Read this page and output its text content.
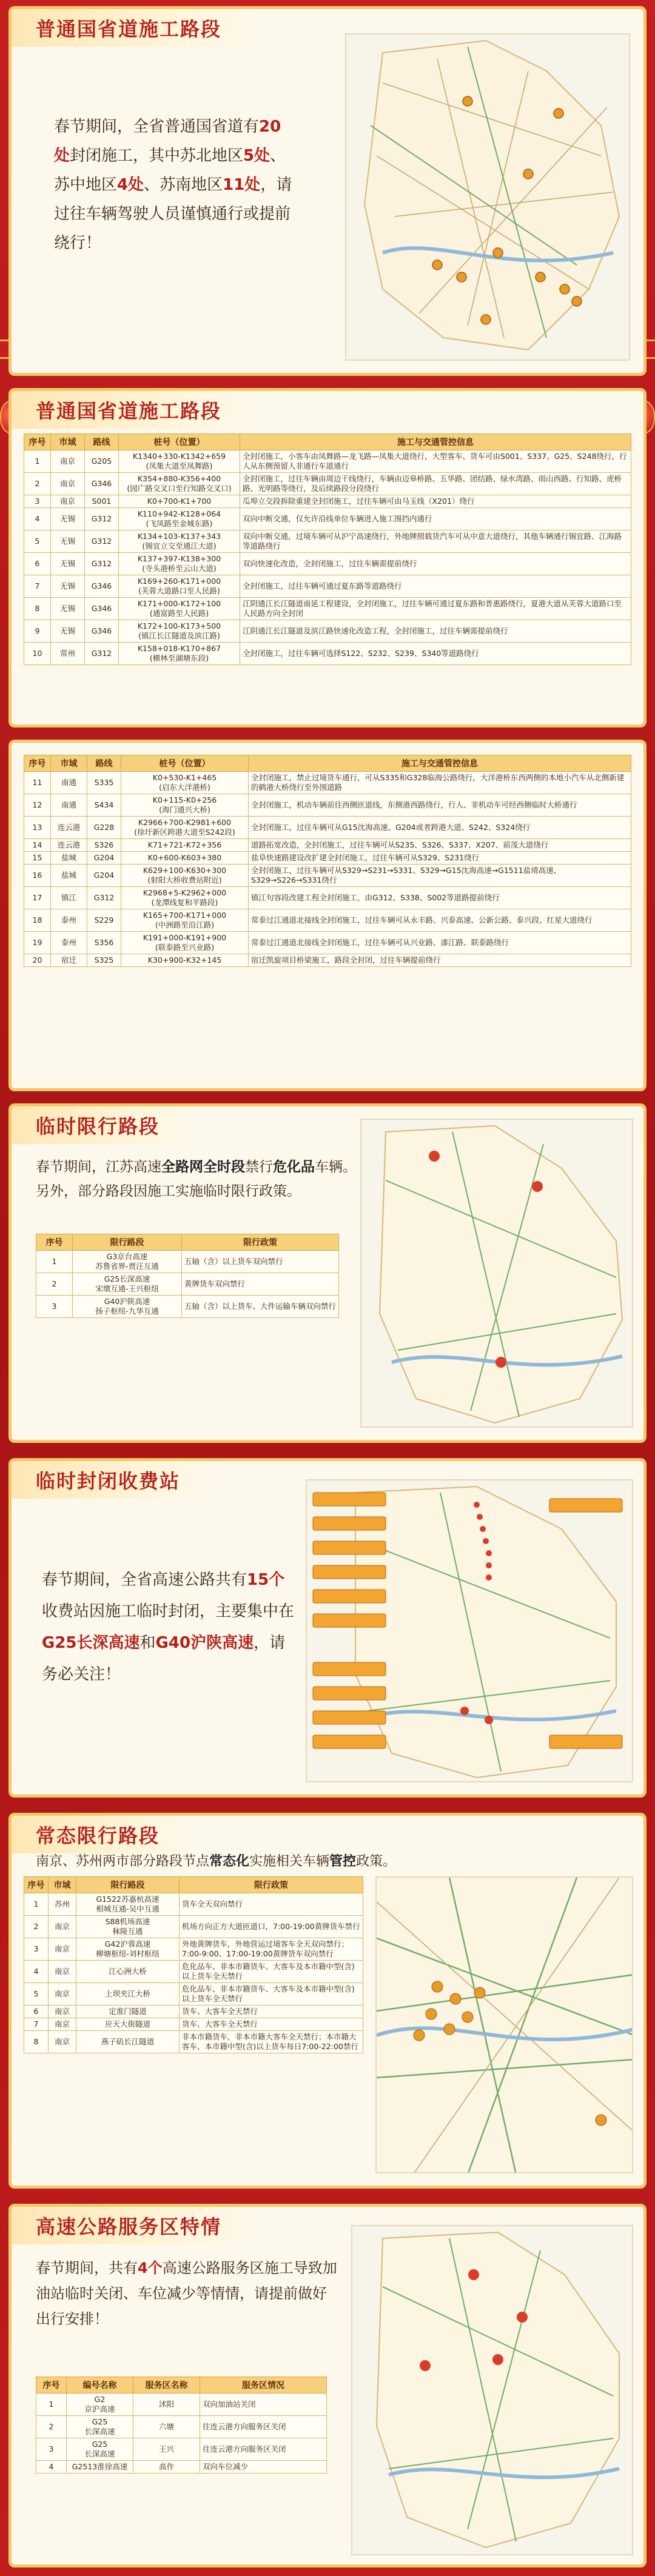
普通国省道施工路段
春节期间，全省普通国省道有20处封闭施工，其中苏北地区5处、苏中地区4处、苏南地区11处，请过往车辆驾驶人员谨慎通行或提前绕行！
普通国省道施工路段
序号	市域	路线	桩号（位置）	施工与交通管控信息
1	南京	G205	K1340+330-K1342+659
(凤集大道至凤舞路)	全封闭施工，小客车由凤舞路—龙飞路—凤集大道绕行，大型客车、货车可由S001、S337、G25、S248绕行，行人从东侧预留人非通行车道通行
2	南京	G346	K354+880-K356+400
(园广路交叉口至行知路交叉口)	全封闭施工，过往车辆由周边干线绕行，车辆由迈皋桥路、五华路、团结路、绿水湾路、雨山西路、行知路、虎桥路、光明路等绕行，及后续路段分段绕行
3	南京	S001	K0+700-K1+700	瓜埠立交段拆除重建全封闭施工，过往车辆可由马玉线（X201）绕行
4	无锡	G312	K110+942-K128+064
(飞凤路至金城东路)	双向中断交通，仅允许沿线单位车辆进入施工围挡内通行
5	无锡	G312	K134+103-K137+343
(锡宜立交至通江大道)	双向中断交通，过境车辆可从沪宁高速绕行，外地牌照载货汽车可从中意大道绕行，其他车辆通行锡宜路、江海路等道路绕行
6	无锡	G312	K137+397-K138+300
(寺头港桥至云山大道)	双向快速化改造，全封闭施工，过往车辆需提前绕行
7	无锡	G346	K169+260-K171+000
(芙蓉大道路口至人民路)	全封闭施工，过往车辆可通过夏东路等道路绕行
8	无锡	G346	K171+000-K172+100
(通富路至人民路)	江阴通江长江隧道南延工程建设，全封闭施工，过往车辆可通过夏东路和普惠路绕行，夏港大道从芙蓉大道路口至人民路方向全封闭
9	无锡	G346	K172+100-K173+500
(镇江长江隧道及滨江路)	江阴通江长江隧道及滨江路快速化改造工程，全封闭施工，过往车辆需提前绕行
10	常州	G312	K158+018-K170+867
(横林至湖塘东段)	全封闭施工，过往车辆可选择S122、S232、S239、S340等道路绕行
序号	市域	路线	桩号（位置）	施工与交通管控信息
11	南通	S335	K0+530-K1+465
(启东大洋港桥)	全封闭施工，禁止过境货车通行，可从S335和G328临海公路绕行，大洋港桥东西两侧的本地小汽车从北侧新建的鹤港大桥绕行至外围道路
12	南通	S434	K0+115-K0+256
(海门通兴大桥)	全封闭施工，机动车辆前往西侧匝道线，东侧港西路绕行，行人、非机动车可经西侧临时大桥通行
13	连云港	G228	K2966+700-K2981+600
(徐圩新区跨港大道至S242段)	全封闭施工，过往车辆可从G15沈海高速、G204或者跨港大道、S242、S324绕行
14	连云港	S326	K71+721-K72+356	道路拓宽改造，全封闭施工，过往车辆可从S235、S326、S337、X207、前茂大道绕行
15	盐城	G204	K0+600-K603+380	盐阜快速路建设改扩建全封闭施工，过往车辆可从S329、S231绕行
16	盐城	G204	K629+100-K630+300
(射阳大桥收费站附近)	全封闭施工，过往车辆可从S329→S231→S331、S329→G15沈海高速→G1511盐靖高速、S329→S226→S331绕行
17	镇江	G312	K2968+5-K2962+000
(龙潭线复和平路段)	镇江句容段改建工程全封闭施工，由G312、S338、S002等道路提前绕行
18	泰州	S229	K165+700-K171+000
(中洲路至沿江路)	常泰过江通道北接线全封闭施工，过往车辆可从永丰路、兴泰高速、公新公路、泰兴段、红星大道绕行
19	泰州	S356	K191+000-K191+900
(联泰路至兴业路)	常泰过江通道北接线全封闭施工，过往车辆可从兴业路、漆江路、联泰路绕行
20	宿迁	S325	K30+900-K32+145	宿迁凯旋项目桥梁施工，路段全封闭，过往车辆提前绕行
临时限行路段
春节期间，江苏高速全路网全时段禁行危化品车辆。另外，部分路段因施工实施临时限行政策。
序号	限行路段	限行政策
1	G3京台高速
苏鲁省界-贾汪互通	五轴（含）以上货车双向禁行
2	G25长深高速
宋墩互通-王兴枢纽	黄牌货车双向禁行
3	G40沪陕高速
扬子枢纽-九华互通	五轴（含）以上货车、大件运输车辆双向禁行
临时封闭收费站
春节期间，全省高速公路共有15个收费站因施工临时封闭，主要集中在G25长深高速和G40沪陕高速，请务必关注！
常态限行路段
南京、苏州两市部分路段节点常态化实施相关车辆管控政策。
序号	市域	限行路段	限行政策
1	苏州	G1522苏嘉杭高速
相城互通-吴中互通	货车全天双向禁行
2	南京	S88机场高速
秣陵互通	机场方向正方大道匝道口，7:00-19:00黄牌货车禁行
3	南京	G42沪蓉高速
柳塘枢纽-刘村枢纽	外地黄牌货车，外地营运过境客车全天双向禁行；7:00-9:00、17:00-19:00黄牌货车双向禁行
4	南京	江心洲大桥	危化品车、非本市籍货车、大客车及本市籍中型(含)以上货车全天禁行
5	南京	上坝夹江大桥	危化品车、非本市籍货车、大客车及本市籍中型(含)以上货车全天禁行
6	南京	定淮门隧道	货车、大客车全天禁行
7	南京	应天大街隧道	货车、大客车全天禁行
8	南京	燕子矶长江隧道	非本市籍货车，非本市籍大客车全天禁行；本市籍大客车、本市籍中型(含)以上货车每日7:00-22:00禁行
高速公路服务区特情
春节期间，共有4个高速公路服务区施工导致加油站临时关闭、车位减少等情情，请提前做好出行安排！
序号	编号名称	服务区名称	服务区情况
1	G2
京沪高速	沭阳	双向加油站关闭
2	G25
长深高速	六塘	往连云港方向服务区关闭
3	G25
长深高速	王兴	往连云港方向服务区关闭
4	G2513淮徐高速	高作	双向车位减少
